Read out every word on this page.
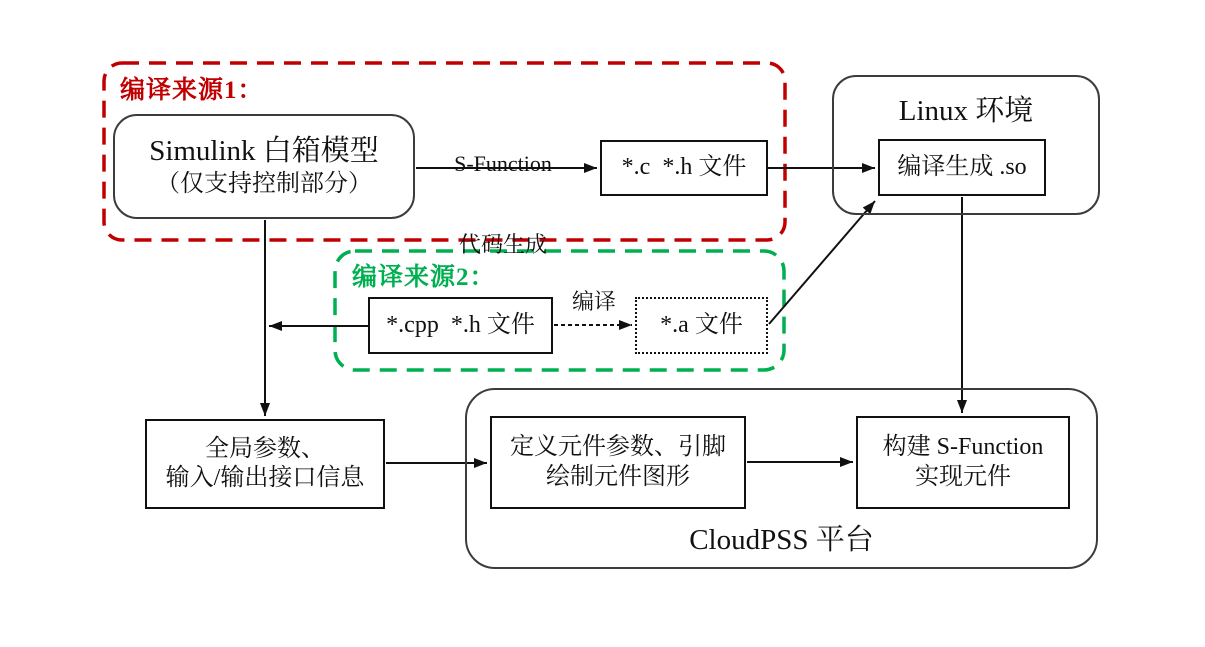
编译来源1：
编译来源2：
Simulink 白箱模型
（仅支持控制部分）

S-Function

代码生成

*.c  *.h 文件
Linux 环境
编译生成 .so
*.cpp  *.h 文件
编译
*.a 文件
全局参数、
输入/输出接口信息
CloudPSS 平台
定义元件参数、引脚
绘制元件图形
构建 S-Function
实现元件
